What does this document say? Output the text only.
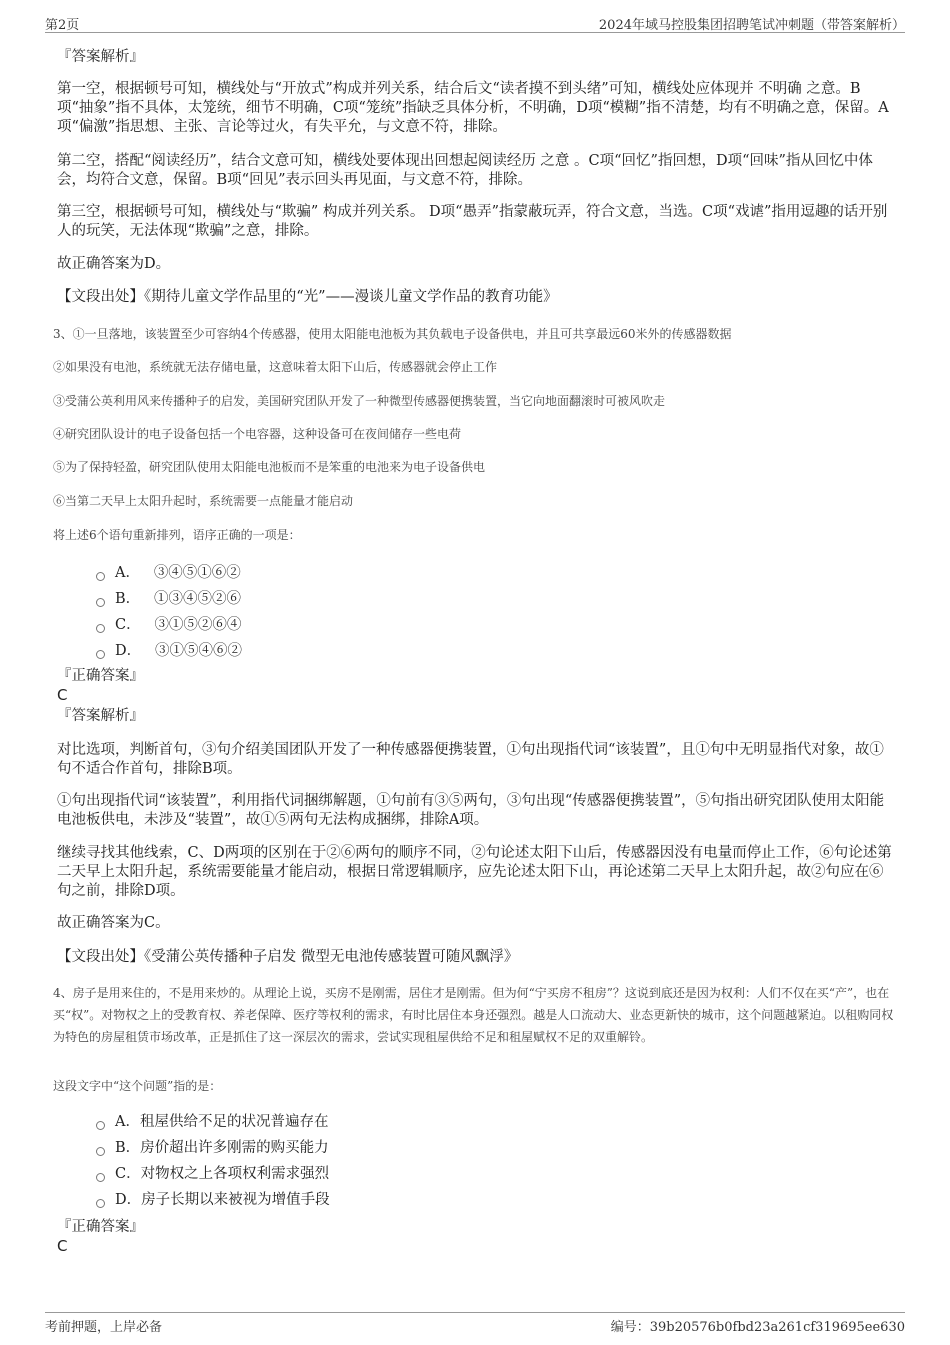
第2页	2024年域马控股集团招聘笔试冲刺题（带答案解析）
『答案解析』
第一空，根据顿号可知，横线处与“开放式”构成并列关系，结合后文“读者摸不到头绪”可知，横线处应体现并 不明确 之意。B项“抽象”指不具体，太笼统，细节不明确，C项“笼统”指缺乏具体分析，不明确，D项“模糊”指不清楚，均有不明确之意，保留。A项“偏激”指思想、主张、言论等过火，有失平允，与文意不符，排除。
第二空，搭配“阅读经历”，结合文意可知，横线处要体现出回想起阅读经历 之意 。C项“回忆”指回想，D项“回味”指从回忆中体会，均符合文意，保留。B项“回见”表示回头再见面，与文意不符，排除。
第三空，根据顿号可知，横线处与“欺骗” 构成并列关系。 D项“愚弄”指蒙蔽玩弄，符合文意，当选。C项“戏谑”指用逗趣的话开别人的玩笑，无法体现“欺骗”之意，排除。
故正确答案为D。
【文段出处】《期待儿童文学作品里的“光”——漫谈儿童文学作品的教育功能》
3、①一旦落地，该装置至少可容纳4个传感器，使用太阳能电池板为其负载电子设备供电，并且可共享最远60米外的传感器数据
②如果没有电池，系统就无法存储电量，这意味着太阳下山后，传感器就会停止工作
③受蒲公英利用风来传播种子的启发，美国研究团队开发了一种微型传感器便携装置，当它向地面翻滚时可被风吹走
④研究团队设计的电子设备包括一个电容器，这种设备可在夜间储存一些电荷
⑤为了保持轻盈，研究团队使用太阳能电池板而不是笨重的电池来为电子设备供电
⑥当第二天早上太阳升起时，系统需要一点能量才能启动
将上述6个语句重新排列，语序正确的一项是：
A． ③④⑤①⑥②
B． ①③④⑤②⑥
C． ③①⑤②⑥④
D． ③①⑤④⑥②
『正确答案』
C
『答案解析』
对比选项，判断首句，③句介绍美国团队开发了一种传感器便携装置，①句出现指代词“该装置”，且①句中无明显指代对象，故①句不适合作首句，排除B项。
①句出现指代词“该装置”，利用指代词捆绑解题，①句前有③⑤两句，③句出现“传感器便携装置”，⑤句指出研究团队使用太阳能电池板供电，未涉及“装置”，故①⑤两句无法构成捆绑，排除A项。
继续寻找其他线索，C、D两项的区别在于②⑥两句的顺序不同，②句论述太阳下山后，传感器因没有电量而停止工作，⑥句论述第二天早上太阳升起，系统需要能量才能启动，根据日常逻辑顺序，应先论述太阳下山，再论述第二天早上太阳升起，故②句应在⑥句之前，排除D项。
故正确答案为C。
【文段出处】《受蒲公英传播种子启发 微型无电池传感装置可随风飘浮》
4、房子是用来住的，不是用来炒的。从理论上说，买房不是刚需，居住才是刚需。但为何“宁买房不租房”？这说到底还是因为权利：人们不仅在买“产”，也在买“权”。对物权之上的受教育权、养老保障、医疗等权利的需求，有时比居住本身还强烈。越是人口流动大、业态更新快的城市，这个问题越紧迫。以租购同权为特色的房屋租赁市场改革，正是抓住了这一深层次的需求，尝试实现租屋供给不足和租屋赋权不足的双重解铃。
这段文字中“这个问题”指的是：
A．租屋供给不足的状况普遍存在
B．房价超出许多刚需的购买能力
C．对物权之上各项权利需求强烈
D．房子长期以来被视为增值手段
『正确答案』
C
考前押题，上岸必备	编号：39b20576b0fbd23a261cf319695ee630
